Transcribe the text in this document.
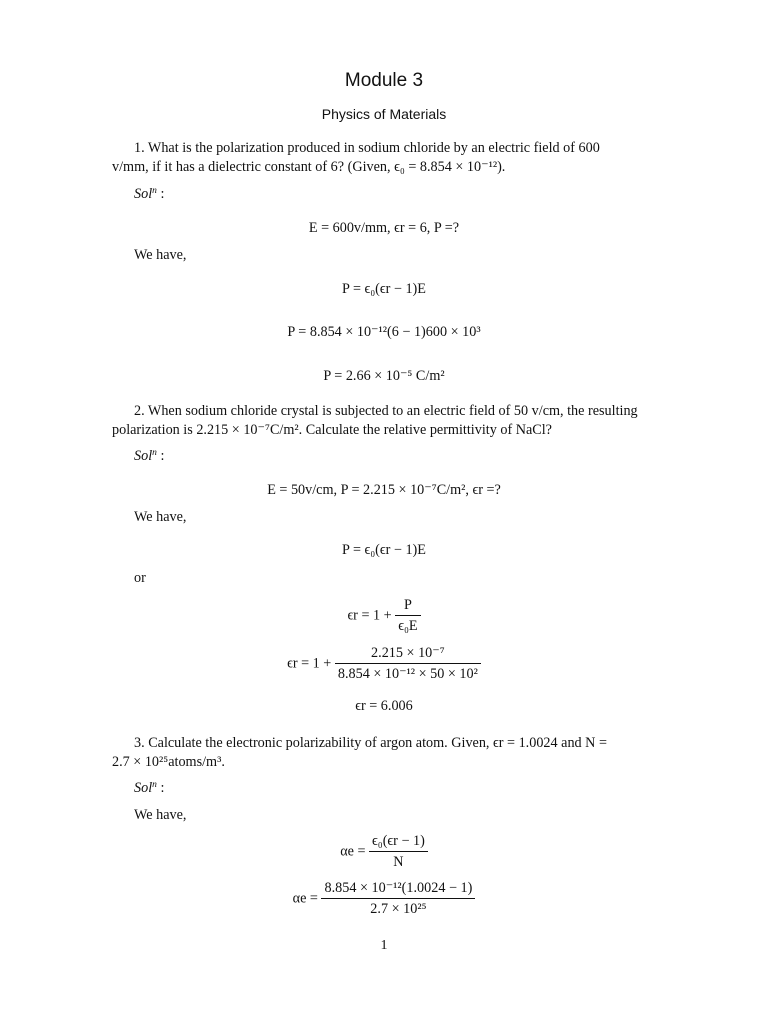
Module 3
Physics of Materials
1. What is the polarization produced in sodium chloride by an electric field of 600
v/mm, if it has a dielectric constant of 6? (Given, ϵ₀ = 8.854 × 10⁻¹²).
Sol$^n$ :
E = 600v/mm, ϵr = 6, P =?
We have,
P = ϵ₀(ϵr − 1)E
P = 8.854 × 10⁻¹²(6 − 1)600 × 10³
P = 2.66 × 10⁻⁵ C/m²
2. When sodium chloride crystal is subjected to an electric field of 50 v/cm, the resulting
polarization is 2.215 × 10⁻⁷C/m². Calculate the relative permittivity of NaCl?
Sol$^n$ :
E = 50v/cm, P = 2.215 × 10⁻⁷C/m², ϵr =?
We have,
P = ϵ₀(ϵr − 1)E
or
$\epsilon r = 1 + \frac{P}{\text{ϵ₀E}}$
$\epsilon r = 1 + \frac{\text{2.215 × 10⁻⁷}}{\text{8.854 × 10⁻¹² × 50 × 10²}}$
ϵr = 6.006
3. Calculate the electronic polarizability of argon atom. Given, ϵr = 1.0024 and N =
2.7 × 10²⁵atoms/m³.
Sol$^n$ :
We have,
$\alpha e = \frac{\text{ϵ₀(ϵr − 1)}}{N}$
$\alpha e = \frac{\text{8.854 × 10⁻¹²(1.0024 − 1)}}{\text{2.7 × 10²⁵}}$
1
